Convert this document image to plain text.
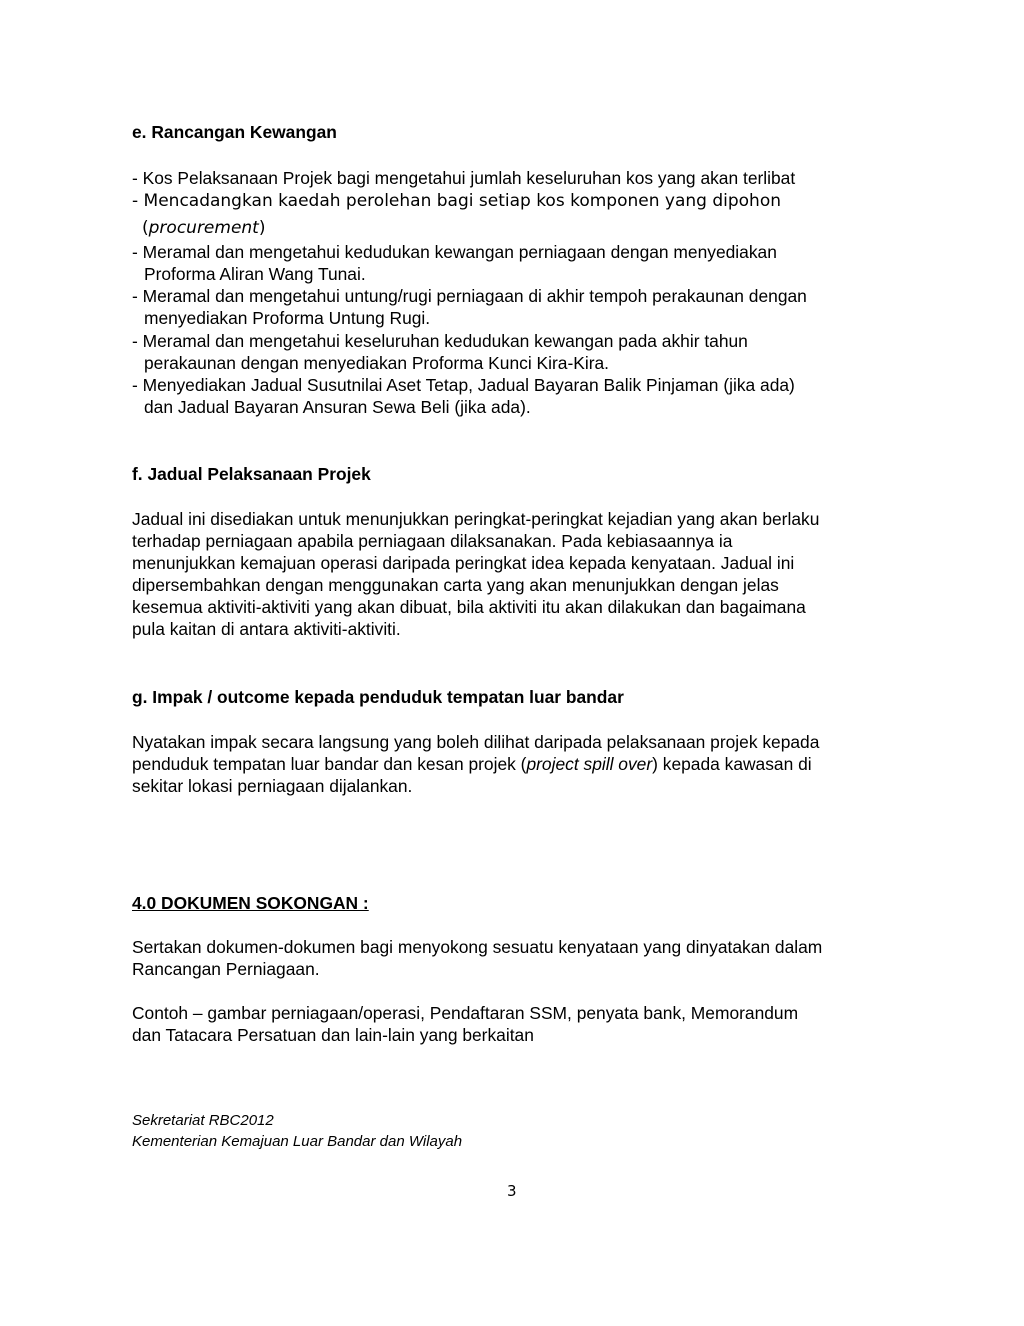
e. Rancangan Kewangan
- Kos Pelaksanaan Projek bagi mengetahui jumlah keseluruhan kos yang akan terlibat
- Mencadangkan kaedah perolehan bagi setiap kos komponen yang dipohon
(procurement)
- Meramal dan mengetahui kedudukan kewangan perniagaan dengan menyediakan
Proforma Aliran Wang Tunai.
- Meramal dan mengetahui untung/rugi perniagaan di akhir tempoh perakaunan dengan
menyediakan Proforma Untung Rugi.
- Meramal dan mengetahui keseluruhan kedudukan kewangan pada akhir tahun
perakaunan dengan menyediakan Proforma Kunci Kira-Kira.
- Menyediakan Jadual Susutnilai Aset Tetap, Jadual Bayaran Balik Pinjaman (jika ada)
dan Jadual Bayaran Ansuran Sewa Beli (jika ada).
f. Jadual Pelaksanaan Projek
Jadual ini disediakan untuk menunjukkan peringkat-peringkat kejadian yang akan berlaku
terhadap perniagaan apabila perniagaan dilaksanakan. Pada kebiasaannya ia
menunjukkan kemajuan operasi daripada peringkat idea kepada kenyataan. Jadual ini
dipersembahkan dengan menggunakan carta yang akan menunjukkan dengan jelas
kesemua aktiviti-aktiviti yang akan dibuat, bila aktiviti itu akan dilakukan dan bagaimana
pula kaitan di antara aktiviti-aktiviti.
g. Impak / outcome kepada penduduk tempatan luar bandar
Nyatakan impak secara langsung yang boleh dilihat daripada pelaksanaan projek kepada
penduduk tempatan luar bandar dan kesan projek (project spill over) kepada kawasan di
sekitar lokasi perniagaan dijalankan.
4.0 DOKUMEN SOKONGAN :
Sertakan dokumen-dokumen bagi menyokong sesuatu kenyataan yang dinyatakan dalam
Rancangan Perniagaan.
Contoh – gambar perniagaan/operasi, Pendaftaran SSM, penyata bank, Memorandum
dan Tatacara Persatuan dan lain-lain yang berkaitan
Sekretariat RBC2012
Kementerian Kemajuan Luar Bandar dan Wilayah
3
